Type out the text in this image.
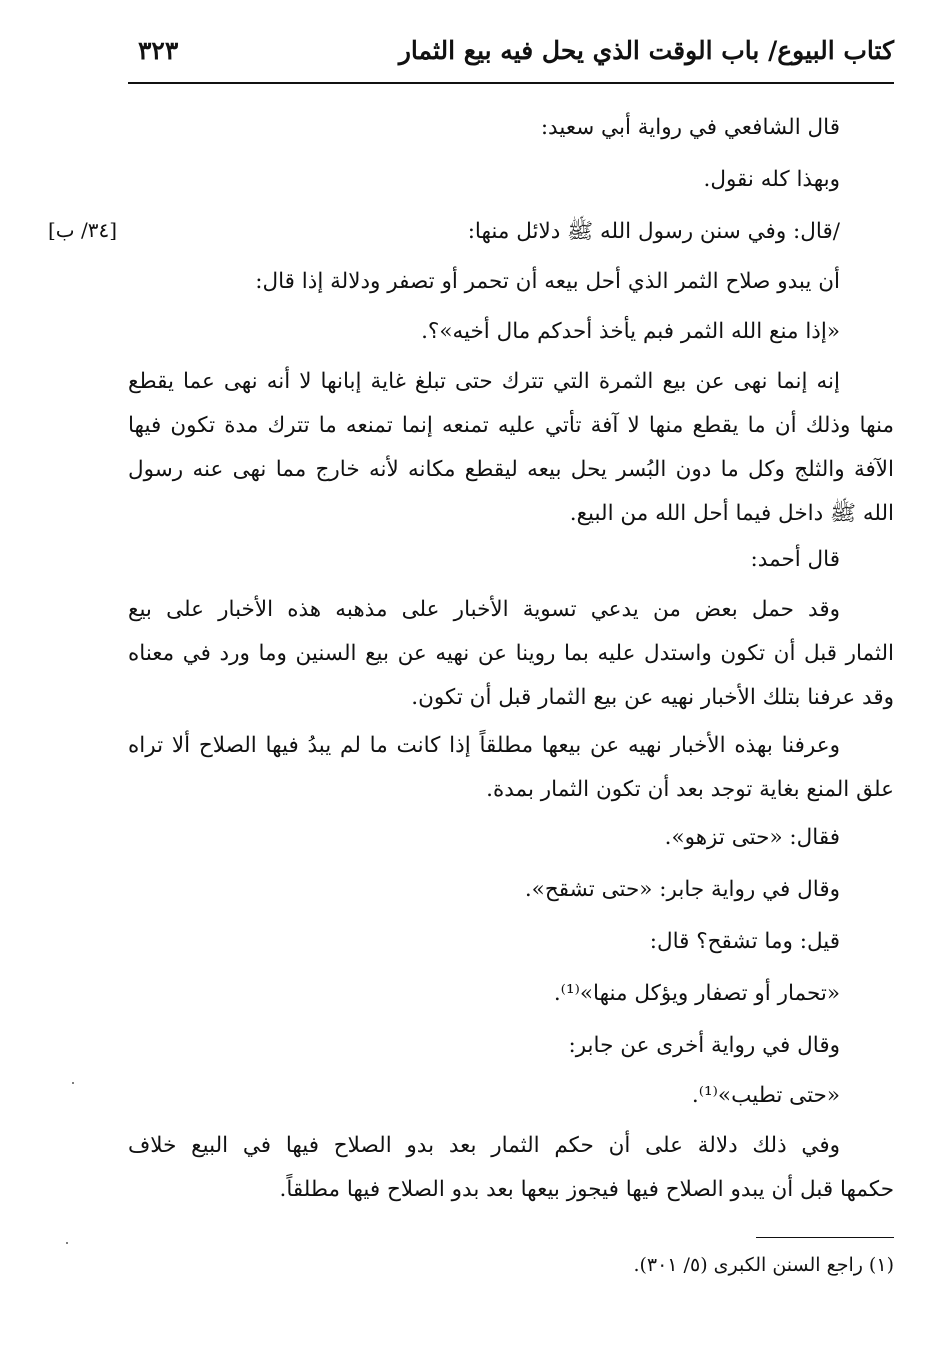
كتاب البيوع/ باب الوقت الذي يحل فيه بيع الثمار
٣٢٣
[٣٤/ ب]
قال الشافعي في رواية أبي سعيد:
وبهذا كله نقول.
/قال: وفي سنن رسول الله ﷺ دلائل منها:
أن يبدو صلاح الثمر الذي أحل بيعه أن تحمر أو تصفر ودلالة إذا قال:
«إذا منع الله الثمر فبم يأخذ أحدكم مال أخيه»؟.
إنه إنما نهى عن بيع الثمرة التي تترك حتى تبلغ غاية إبانها لا أنه نهى عما يقطع
منها وذلك أن ما يقطع منها لا آفة تأتي عليه تمنعه إنما تمنعه ما تترك مدة تكون فيها
الآفة والثلج وكل ما دون البُسر يحل بيعه ليقطع مكانه لأنه خارج مما نهى عنه رسول
الله ﷺ داخل فيما أحل الله من البيع.
قال أحمد:
وقد حمل بعض من يدعي تسوية الأخبار على مذهبه هذه الأخبار على بيع
الثمار قبل أن تكون واستدل عليه بما روينا عن نهيه عن بيع السنين وما ورد في معناه
وقد عرفنا بتلك الأخبار نهيه عن بيع الثمار قبل أن تكون.
وعرفنا بهذه الأخبار نهيه عن بيعها مطلقاً إذا كانت ما لم يبدُ فيها الصلاح ألا تراه
علق المنع بغاية توجد بعد أن تكون الثمار بمدة.
فقال: «حتى تزهو».
وقال في رواية جابر: «حتى تشقح».
قيل: وما تشقح؟ قال:
«تحمار أو تصفار ويؤكل منها»⁽¹⁾.
وقال في رواية أخرى عن جابر:
«حتى تطيب»⁽¹⁾.
وفي ذلك دلالة على أن حكم الثمار بعد بدو الصلاح فيها في البيع خلاف
حكمها قبل أن يبدو الصلاح فيها فيجوز بيعها بعد بدو الصلاح فيها مطلقاً.
(١) راجع السنن الكبرى (٥/ ٣٠١).
